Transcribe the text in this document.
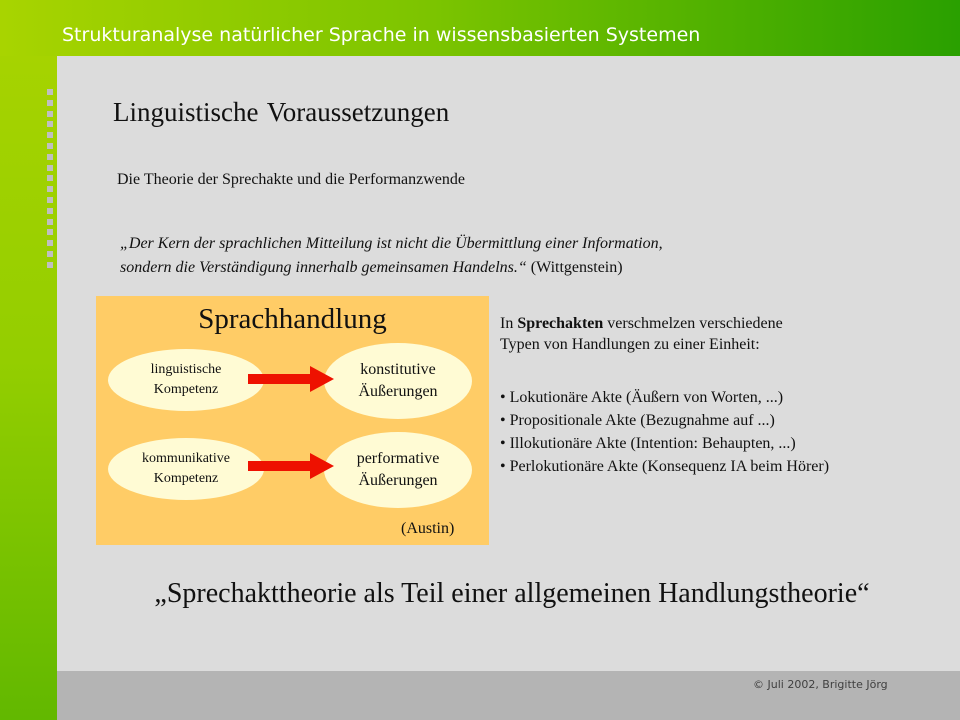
Strukturanalyse natürlicher Sprache in wissensbasierten Systemen
Linguistische Voraussetzungen
Die Theorie der Sprechakte und die Performanzwende
„Der Kern der sprachlichen Mitteilung ist nicht die Übermittlung einer Information,
sondern die Verständigung innerhalb gemeinsamen Handelns.“ (Wittgenstein)
Sprachhandlung
linguistische
Kompetenz
konstitutive
Äußerungen
kommunikative
Kompetenz
performative
Äußerungen
(Austin)
In Sprechakten verschmelzen verschiedene
Typen von Handlungen zu einer Einheit:
• Lokutionäre Akte (Äußern von Worten, ...)
• Propositionale Akte (Bezugnahme auf ...)
• Illokutionäre Akte (Intention: Behaupten, ...)
• Perlokutionäre Akte (Konsequenz IA beim Hörer)
„Sprechakttheorie als Teil einer allgemeinen Handlungstheorie“
© Juli 2002, Brigitte Jörg
